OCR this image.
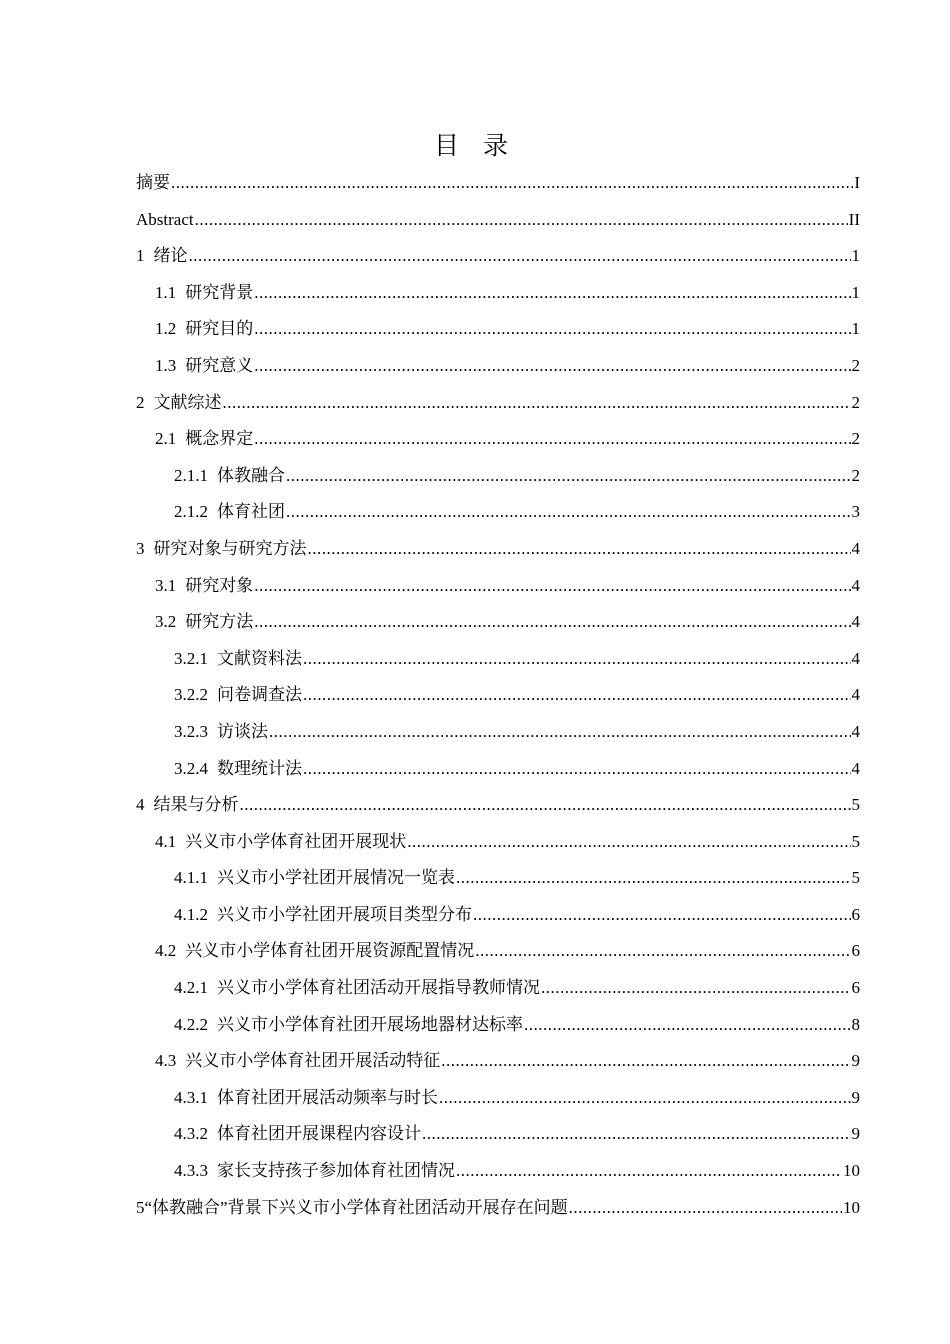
目 录
摘要 .....	I
Abstract .....	II
1 绪论 .....	1
1.1 研究背景 .....	1
1.2 研究目的 .....	1
1.3 研究意义 .....	2
2 文献综述 .....	2
2.1 概念界定 .....	2
2.1.1 体教融合 .....	2
2.1.2 体育社团 .....	3
3 研究对象与研究方法 .....	4
3.1 研究对象 .....	4
3.2 研究方法 .....	4
3.2.1 文献资料法 .....	4
3.2.2 问卷调查法 .....	4
3.2.3 访谈法 .....	4
3.2.4 数理统计法 .....	4
4 结果与分析 .....	5
4.1 兴义市小学体育社团开展现状 .....	5
4.1.1 兴义市小学社团开展情况一览表 .....	5
4.1.2 兴义市小学社团开展项目类型分布 .....	6
4.2 兴义市小学体育社团开展资源配置情况 .....	6
4.2.1 兴义市小学体育社团活动开展指导教师情况 .....	6
4.2.2 兴义市小学体育社团开展场地器材达标率 .....	8
4.3 兴义市小学体育社团开展活动特征 .....	9
4.3.1 体育社团开展活动频率与时长 .....	9
4.3.2 体育社团开展课程内容设计 .....	9
4.3.3 家长支持孩子参加体育社团情况 .....	10
5 “体教融合”背景下兴义市小学体育社团活动开展存在问题 .....	10
